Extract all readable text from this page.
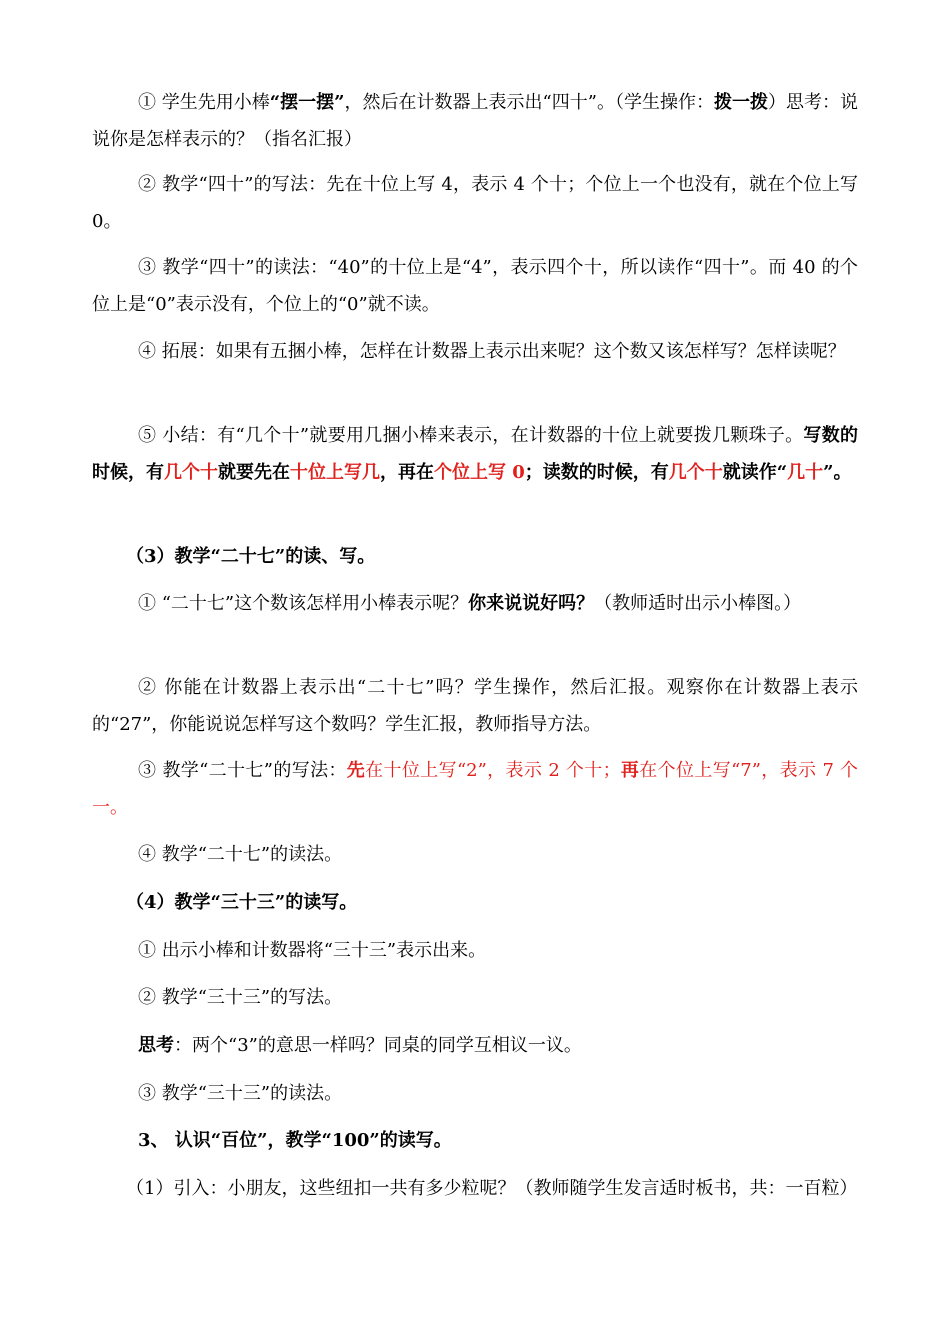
① 学生先用小棒“摆一摆”，然后在计数器上表示出“四十”。（学生操作：拨一拨）思考：说说你是怎样表示的？（指名汇报）

② 教学“四十”的写法：先在十位上写 4，表示 4 个十；个位上一个也没有，就在个位上写 0。

③ 教学“四十”的读法：“40”的十位上是“4”，表示四个十，所以读作“四十”。而 40 的个位上是“0”表示没有，个位上的“0”就不读。

④ 拓展：如果有五捆小棒，怎样在计数器上表示出来呢？这个数又该怎样写？怎样读呢？

⑤ 小结：有“几个十”就要用几捆小棒来表示，在计数器的十位上就要拨几颗珠子。写数的时候，有几个十就要先在十位上写几，再在个位上写 0；读数的时候，有几个十就读作“几十”。

（3）教学“二十七”的读、写。

① “二十七”这个数该怎样用小棒表示呢？你来说说好吗？（教师适时出示小棒图。）

② 你能在计数器上表示出“二十七”吗？学生操作，然后汇报。观察你在计数器上表示的“27”，你能说说怎样写这个数吗？学生汇报，教师指导方法。

③ 教学“二十七”的写法：先在十位上写“2”，表示 2 个十；再在个位上写“7”，表示 7 个一。

④ 教学“二十七”的读法。

（4）教学“三十三”的读写。

① 出示小棒和计数器将“三十三”表示出来。

② 教学“三十三”的写法。

思考：两个“3”的意思一样吗？同桌的同学互相议一议。

③ 教学“三十三”的读法。

3、 认识“百位”，教学“100”的读写。

（1）引入：小朋友，这些纽扣一共有多少粒呢？（教师随学生发言适时板书，共：一百粒）
